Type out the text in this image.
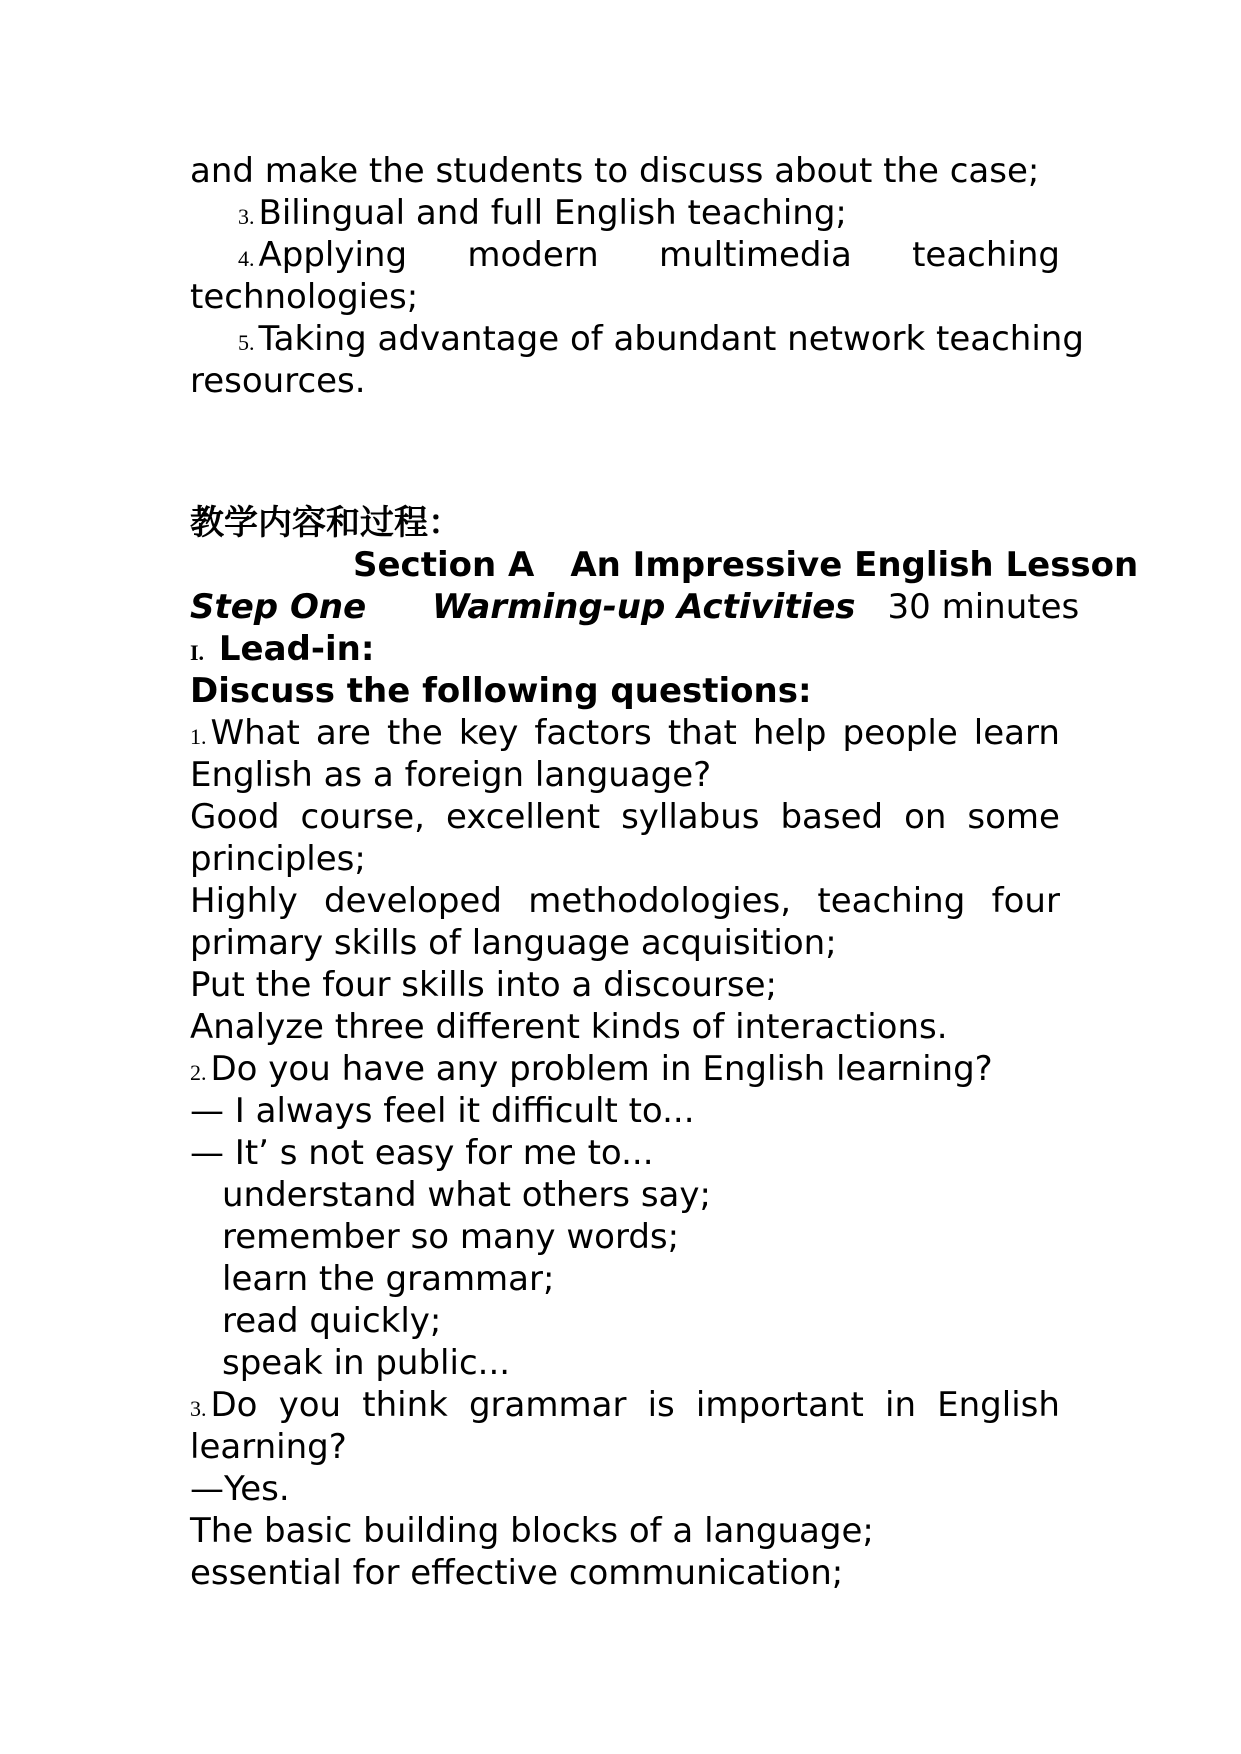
and make the students to discuss about the case;
3. Bilingual and full English teaching;
4. Applying modern multimedia teaching
technologies;
5. Taking advantage of abundant network teaching
resources.
教学内容和过程：
Section A An Impressive English Lesson
Step One Warming-up Activities 30 minutes
I. Lead-in:
Discuss the following questions:
1. What are the key factors that help people learn
English as a foreign language?
Good course, excellent syllabus based on some
principles;
Highly developed methodologies, teaching four
primary skills of language acquisition;
Put the four skills into a discourse;
Analyze three different kinds of interactions.
2. Do you have any problem in English learning?
— I always feel it difficult to...
— It’ s not easy for me to...
understand what others say;
remember so many words;
learn the grammar;
read quickly;
speak in public...
3. Do you think grammar is important in English
learning?
—Yes.
The basic building blocks of a language;
essential for effective communication;
